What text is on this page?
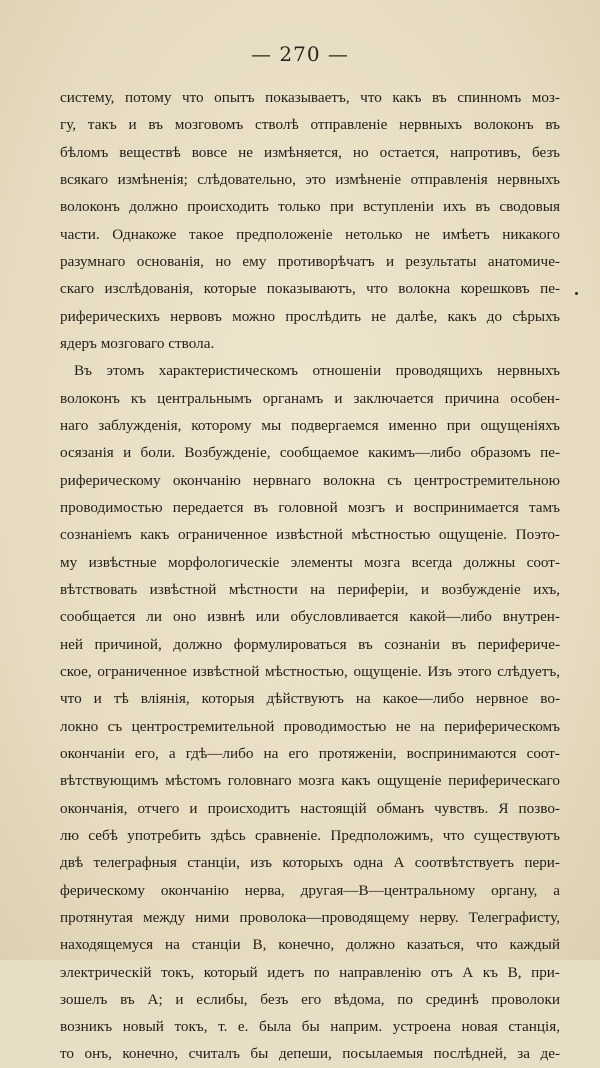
— 270 —
систему, потому что опытъ показываетъ, что какъ въ спинномъ моз-
гу, такъ и въ мозговомъ стволѣ отправленіе нервныхъ волоконъ въ
бѣломъ веществѣ вовсе не измѣняется, но остается, напротивъ, безъ
всякаго измѣненія; слѣдовательно, это измѣненіе отправленія нервныхъ
волоконъ должно происходить только при вступленіи ихъ въ сводовыя
части. Однакоже такое предположеніе нетолько не имѣетъ никакого
разумнаго основанія, но ему противорѣчатъ и результаты анатомиче-
скаго изслѣдованія, которые показываютъ, что волокна корешковъ пе-
риферическихъ нервовъ можно прослѣдить не далѣе, какъ до сѣрыхъ
ядеръ мозговаго ствола.
Въ этомъ характеристическомъ отношеніи проводящихъ нервныхъ
волоконъ къ центральнымъ органамъ и заключается причина особен-
наго заблужденія, которому мы подвергаемся именно при ощущеніяхъ
осязанія и боли. Возбужденіе, сообщаемое какимъ—либо образомъ пе-
риферическому окончанію нервнаго волокна съ центростремительною
проводимостью передается въ головной мозгъ и воспринимается тамъ
сознаніемъ какъ ограниченное извѣстной мѣстностью ощущеніе. Поэто-
му извѣстные морфологическіе элементы мозга всегда должны соот-
вѣтствовать извѣстной мѣстности на периферіи, и возбужденіе ихъ,
сообщается ли оно извнѣ или обусловливается какой—либо внутрен-
ней причиной, должно формулироваться въ сознаніи въ перифериче-
ское, ограниченное извѣстной мѣстностью, ощущеніе. Изъ этого слѣдуетъ,
что и тѣ вліянія, которыя дѣйствуютъ на какое—либо нервное во-
локно съ центростремительной проводимостью не на периферическомъ
окончаніи его, а гдѣ—либо на его протяженіи, воспринимаются соот-
вѣтствующимъ мѣстомъ головнаго мозга какъ ощущеніе периферическаго
окончанія, отчего и происходитъ настоящій обманъ чувствъ. Я позво-
лю себѣ употребить здѣсь сравненіе. Предположимъ, что существуютъ
двѣ телеграфныя станціи, изъ которыхъ одна А соотвѣтствуетъ пери-
ферическому окончанію нерва, другая—В—центральному органу, а
протянутая между ними проволока—проводящему нерву. Телеграфисту,
находящемуся на станціи В, конечно, должно казаться, что каждый
электрическій токъ, который идетъ по направленію отъ А къ В, при-
зошелъ въ А; и еслибы, безъ его вѣдома, по срединѣ проволоки
возникъ новый токъ, т. е. была бы наприм. устроена новая станція,
то онъ, конечно, считалъ бы депеши, посылаемыя послѣдней, за де-
